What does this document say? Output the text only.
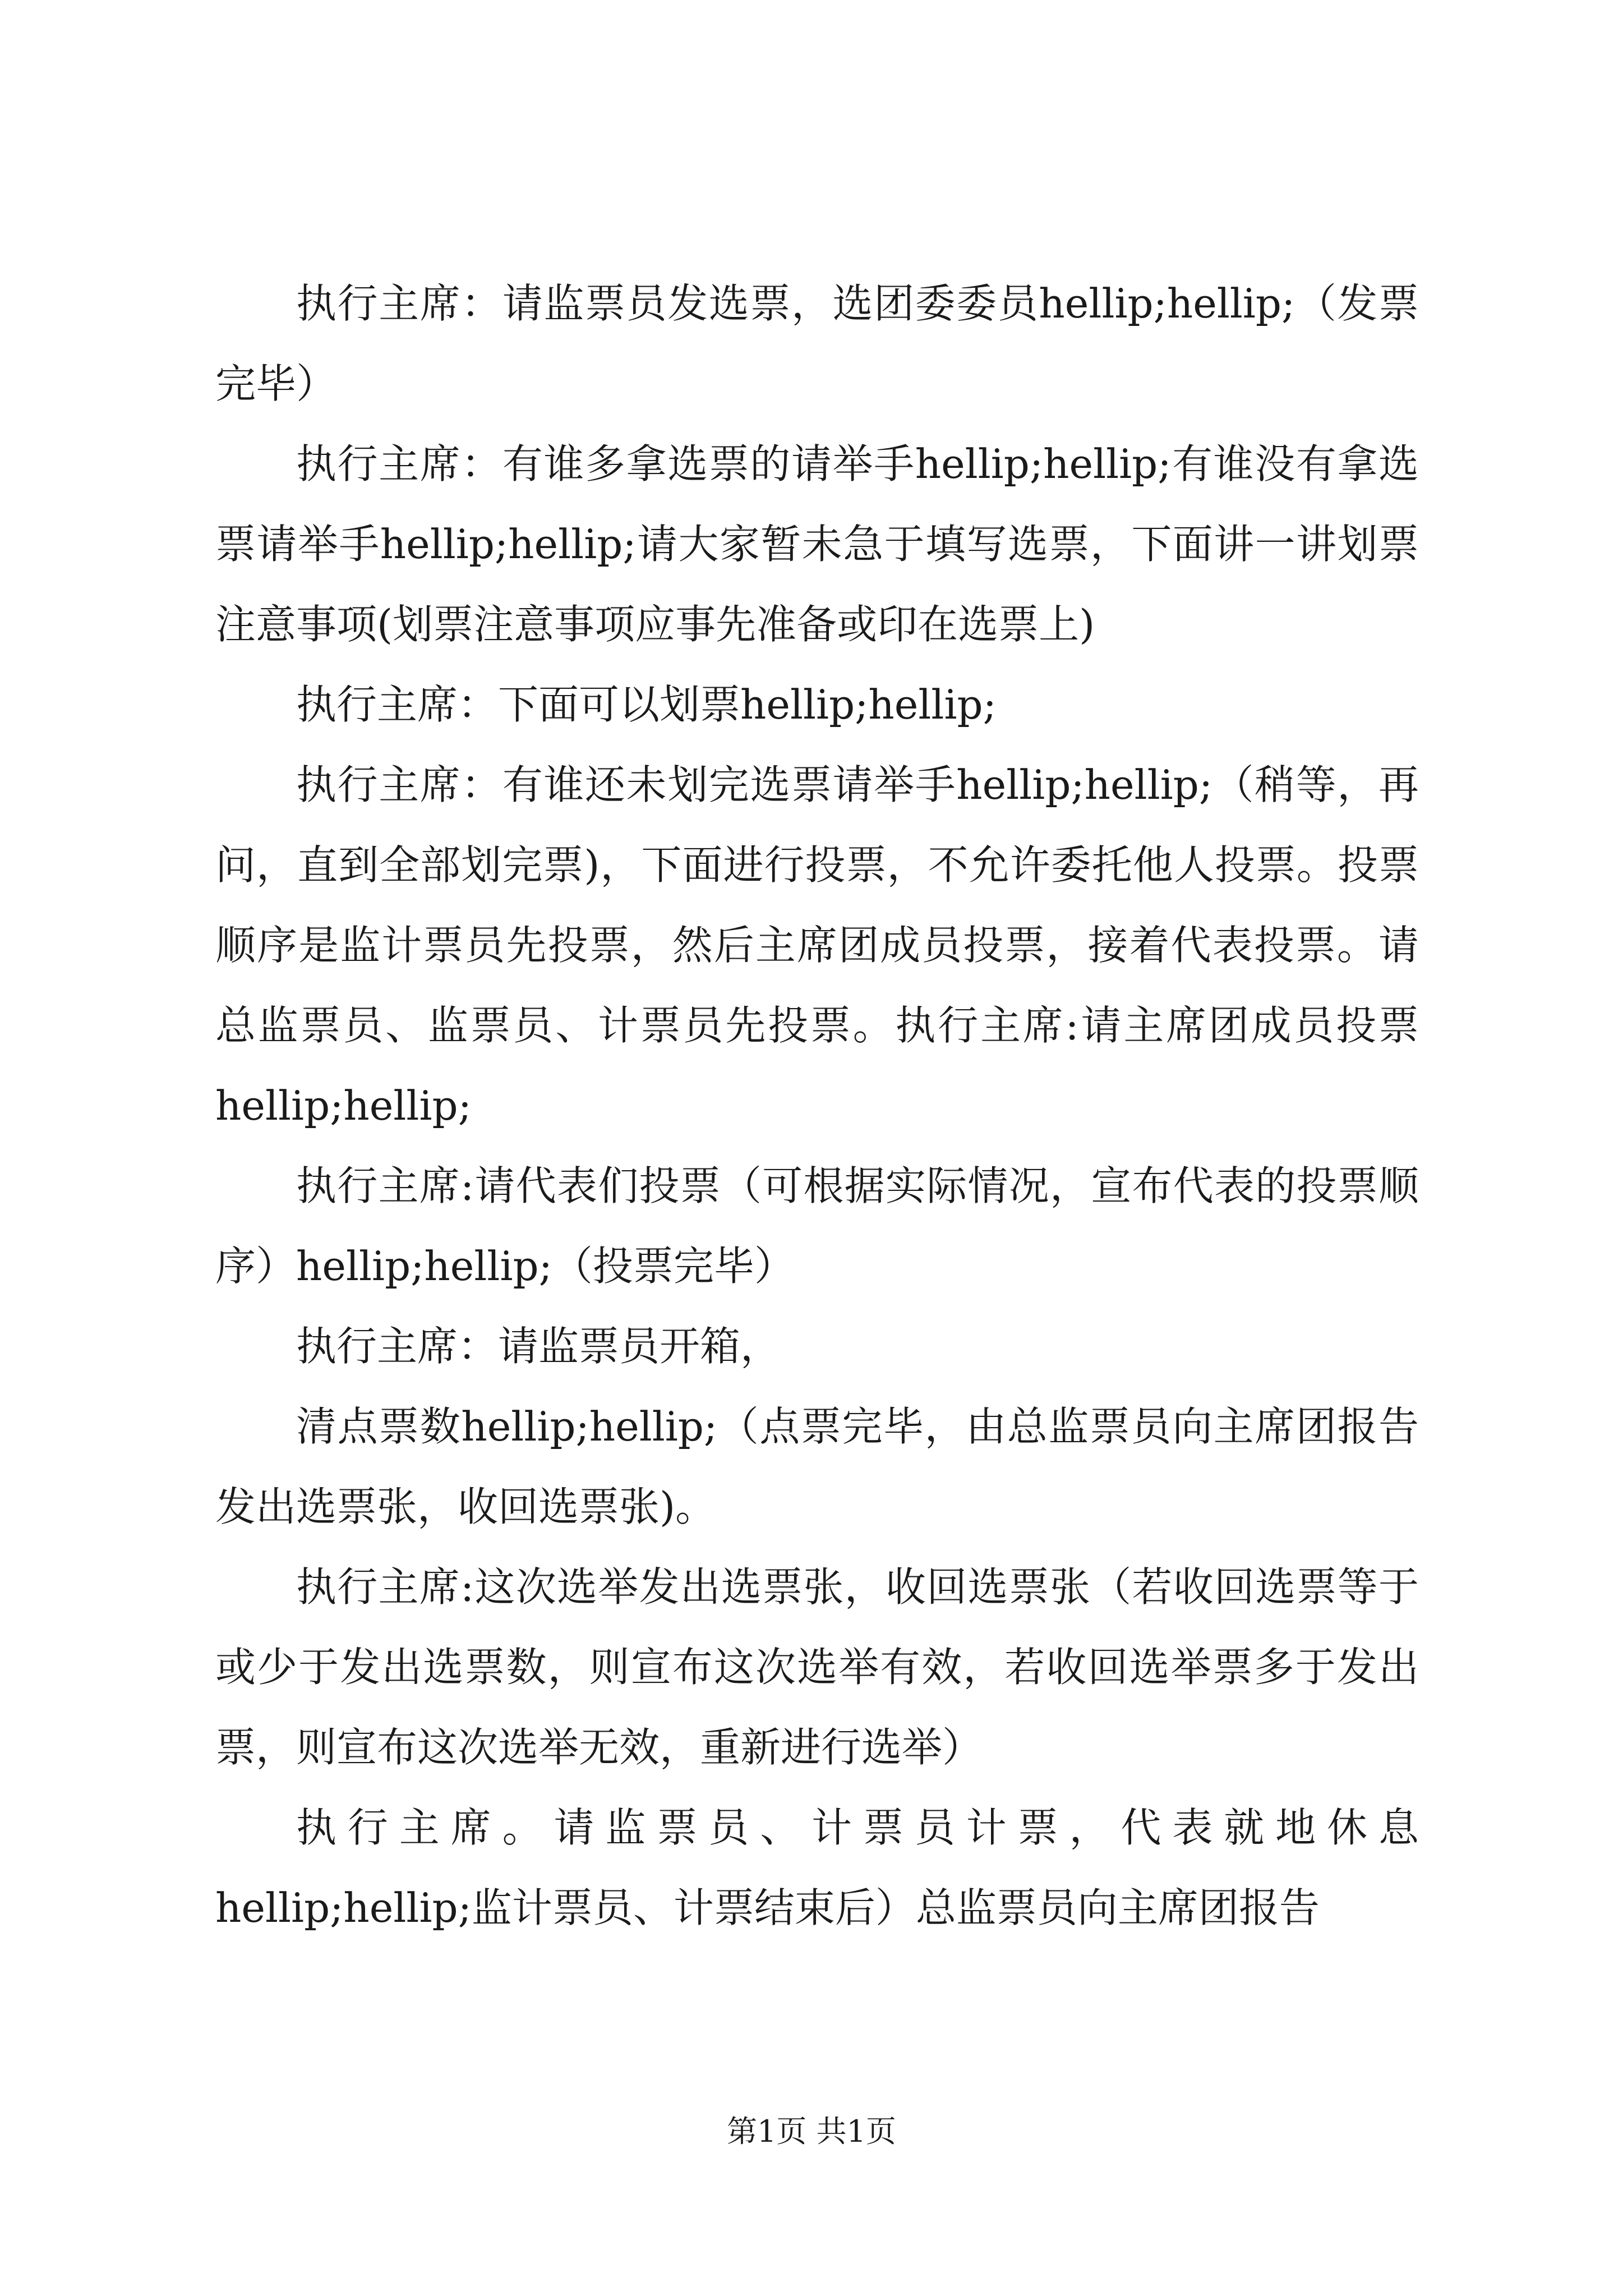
执行主席：请监票员发选票，选团委委员hellip;hellip;（发票完毕）

执行主席：有谁多拿选票的请举手hellip;hellip;有谁没有拿选票请举手hellip;hellip;请大家暂未急于填写选票，下面讲一讲划票注意事项(划票注意事项应事先准备或印在选票上)

执行主席：下面可以划票hellip;hellip;

执行主席：有谁还未划完选票请举手hellip;hellip;（稍等，再问，直到全部划完票)，下面进行投票，不允许委托他人投票。投票顺序是监计票员先投票，然后主席团成员投票，接着代表投票。请总监票员、监票员、计票员先投票。执行主席:请主席团成员投票hellip;hellip;

执行主席:请代表们投票（可根据实际情况，宣布代表的投票顺序）hellip;hellip;（投票完毕）

执行主席：请监票员开箱，

清点票数hellip;hellip;（点票完毕，由总监票员向主席团报告发出选票张，收回选票张)。

执行主席:这次选举发出选票张，收回选票张（若收回选票等于或少于发出选票数，则宣布这次选举有效，若收回选举票多于发出票，则宣布这次选举无效，重新进行选举）

执行主席。请监票员、计票员计票，代表就地休息hellip;hellip;监计票员、计票结束后）总监票员向主席团报告

第1页 共1页
